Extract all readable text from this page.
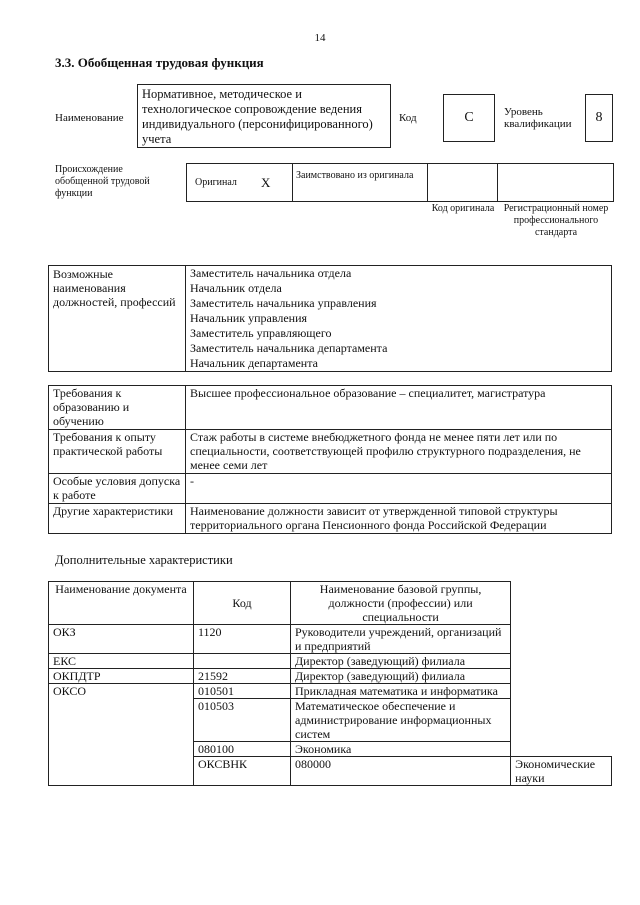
14
3.3. Обобщенная трудовая функция
Наименование
Нормативное, методическое и технологическое сопровождение ведения индивидуального (персонифицированного) учета
Код	C	Уровень квалификации	8
Происхождение обобщенной трудовой функции
Оригинал X	Заимствовано из оригинала
Код оригинала Регистрационный номер профессионального стандарта
Возможные наименования должностей, профессий	
Заместитель начальника отдела
Начальник отдела
Заместитель начальника управления
Начальник управления
Заместитель управляющего
Заместитель начальника департамента
Начальник департамента
Требования к образованию и обучению	Высшее профессиональное образование – специалитет, магистратура
Требования к опыту практической работы	Стаж работы в системе внебюджетного фонда не менее пяти лет или по специальности, соответствующей профилю структурного подразделения, не менее семи лет
Особые условия допуска к работе	-
Другие характеристики	Наименование должности зависит от утвержденной типовой структуры территориального органа Пенсионного фонда Российской Федерации
Дополнительные характеристики
Наименование документа	Код	Наименование базовой группы, должности (профессии) или специальности	
ОКЗ	1120	Руководители учреждений, организаций и предприятий	
ЕКС		Директор (заведующий) филиала	
ОКПДТР	21592	Директор (заведующий) филиала	
ОКСО	010501	Прикладная математика и информатика	
	010503	Математическое обеспечение и администрирование информационных систем	
	080100	Экономика	
	ОКСВНК	080000	Экономические науки
